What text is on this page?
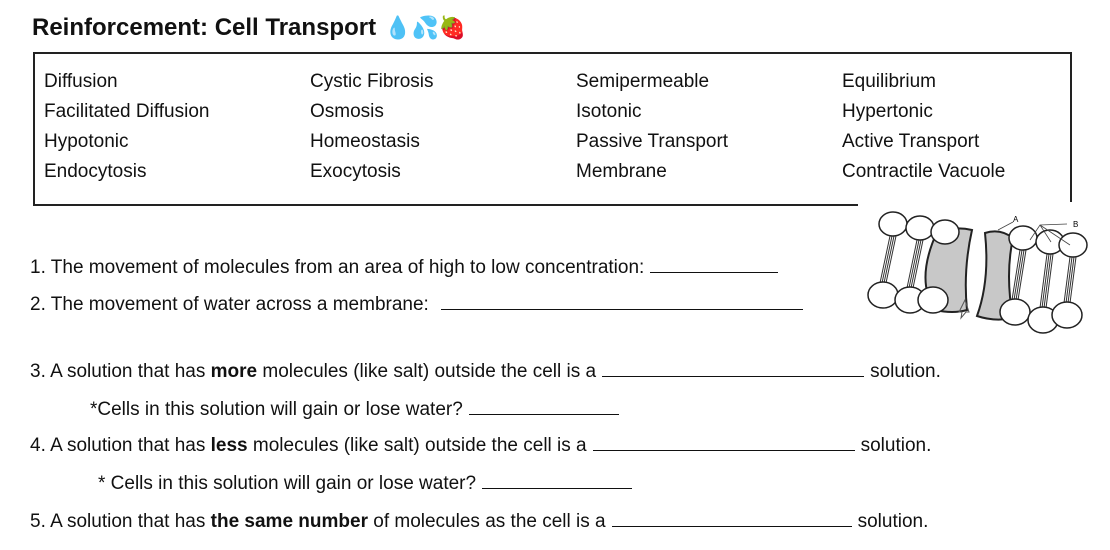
Reinforcement: Cell Transport 💧💦🍓
Diffusion	Cystic Fibrosis	Semipermeable	Equilibrium
Facilitated Diffusion	Osmosis	Isotonic	Hypertonic
Hypotonic	Homeostasis	Passive Transport	Active Transport
Endocytosis	Exocytosis	Membrane	Contractile Vacuole
1. The movement of molecules from an area of high to low concentration:
2. The movement of water across a membrane:
3. A solution that has more molecules (like salt) outside the cell is a	solution.
*Cells in this solution will gain or lose water?
4. A solution that has less molecules (like salt) outside the cell is a	solution.
* Cells in this solution will gain or lose water?
5. A solution that has the same number of molecules as the cell is a	solution.
A
B
